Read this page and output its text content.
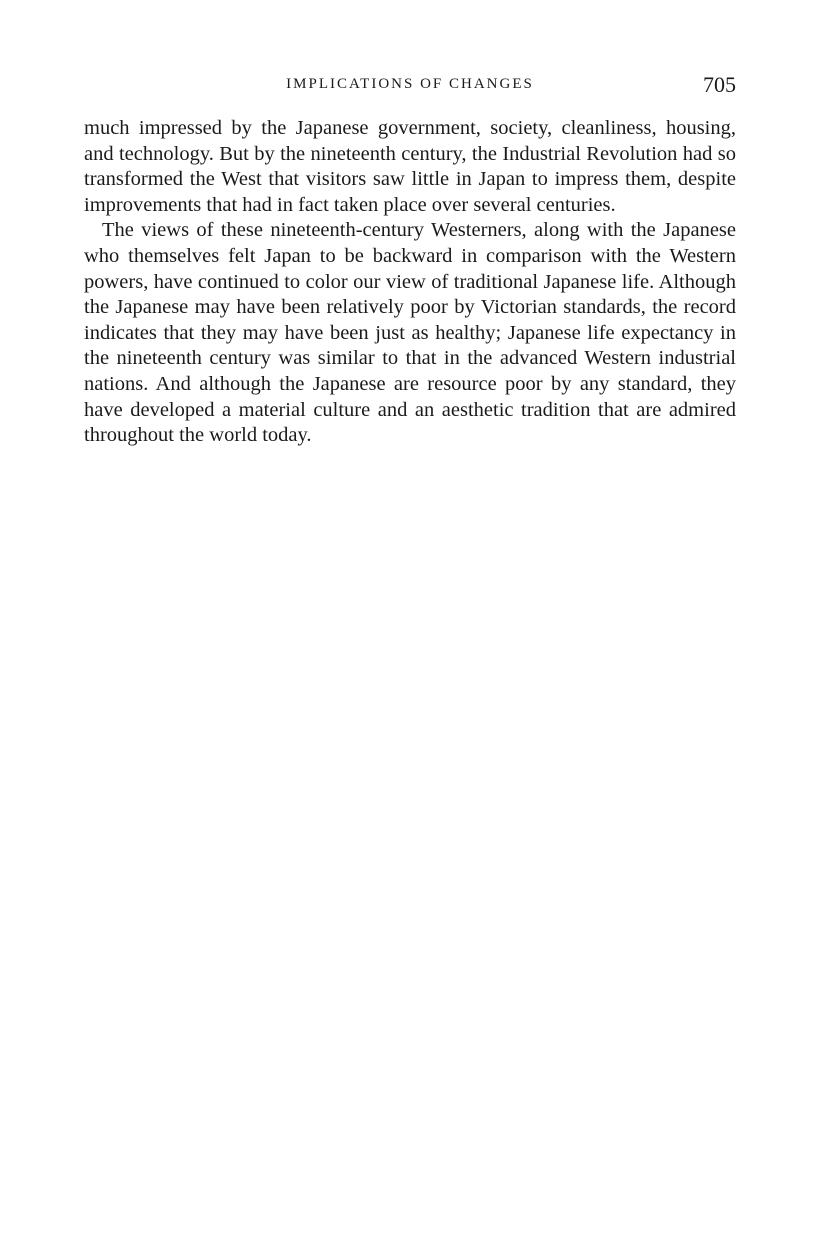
IMPLICATIONS OF CHANGES	705

much impressed by the Japanese government, society, cleanliness, housing, and technology. But by the nineteenth century, the Industrial Revolution had so transformed the West that visitors saw little in Japan to impress them, despite improvements that had in fact taken place over several centuries.

The views of these nineteenth-century Westerners, along with the Japanese who themselves felt Japan to be backward in comparison with the Western powers, have continued to color our view of traditional Japanese life. Although the Japanese may have been relatively poor by Victorian standards, the record indicates that they may have been just as healthy; Japanese life expectancy in the nineteenth century was similar to that in the advanced Western industrial nations. And although the Japanese are resource poor by any standard, they have developed a material culture and an aesthetic tradition that are admired throughout the world today.
